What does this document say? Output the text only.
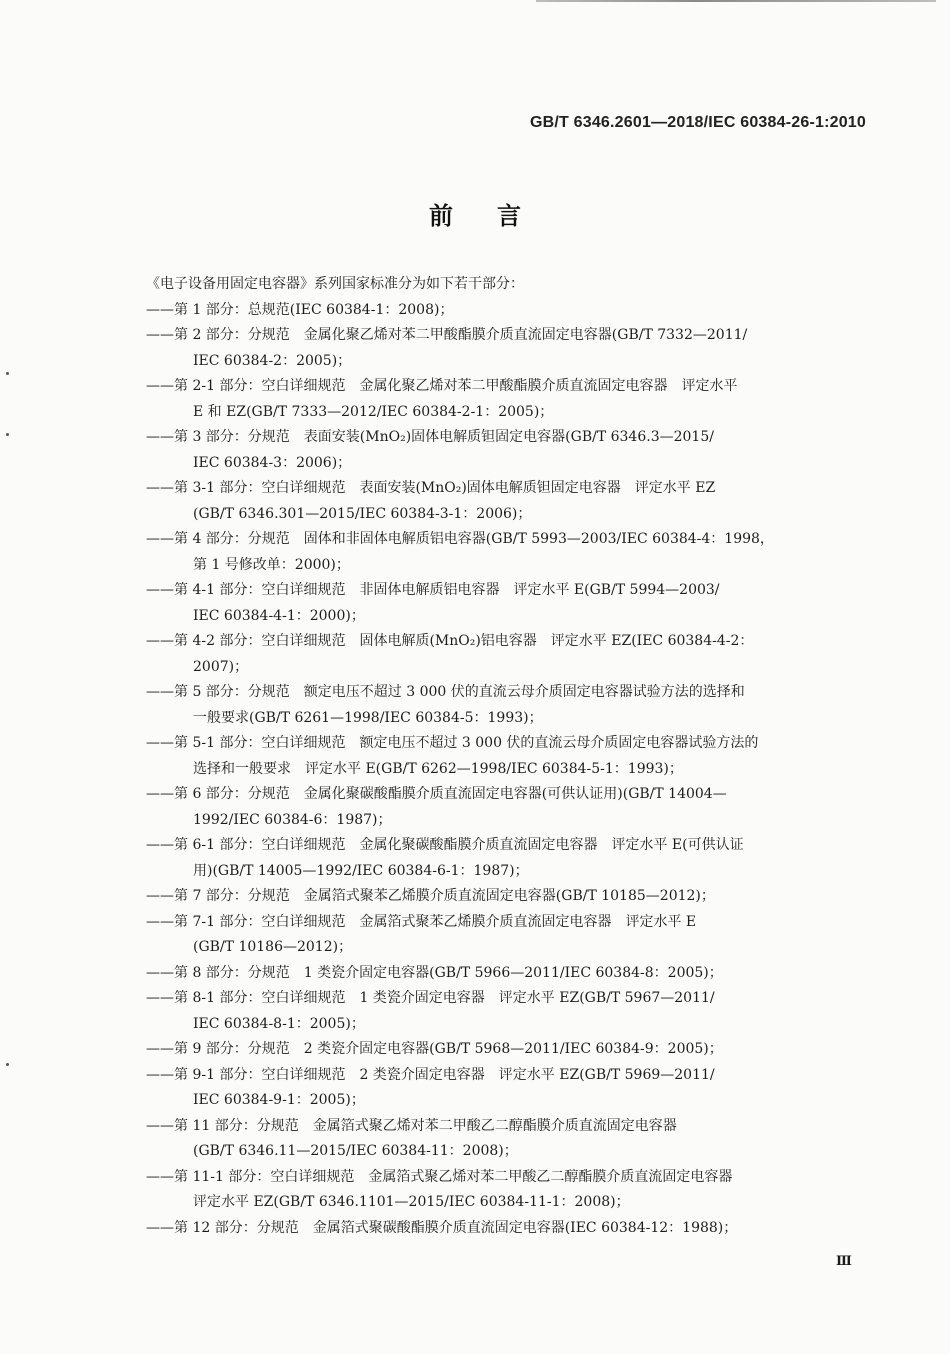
GB/T 6346.2601—2018/IEC 60384-26-1:2010
前言
《电子设备用固定电容器》系列国家标准分为如下若干部分：
——第 1 部分：总规范(IEC 60384-1：2008)；
——第 2 部分：分规范　金属化聚乙烯对苯二甲酸酯膜介质直流固定电容器(GB/T 7332—2011/
IEC 60384-2：2005)；
——第 2-1 部分：空白详细规范　金属化聚乙烯对苯二甲酸酯膜介质直流固定电容器　评定水平
E 和 EZ(GB/T 7333—2012/IEC 60384-2-1：2005)；
——第 3 部分：分规范　表面安装(MnO₂)固体电解质钽固定电容器(GB/T 6346.3—2015/
IEC 60384-3：2006)；
——第 3-1 部分：空白详细规范　表面安装(MnO₂)固体电解质钽固定电容器　评定水平 EZ
(GB/T 6346.301—2015/IEC 60384-3-1：2006)；
——第 4 部分：分规范　固体和非固体电解质铝电容器(GB/T 5993—2003/IEC 60384-4：1998，
第 1 号修改单：2000)；
——第 4-1 部分：空白详细规范　非固体电解质铝电容器　评定水平 E(GB/T 5994—2003/
IEC 60384-4-1：2000)；
——第 4-2 部分：空白详细规范　固体电解质(MnO₂)铝电容器　评定水平 EZ(IEC 60384-4-2：
2007)；
——第 5 部分：分规范　额定电压不超过 3 000 伏的直流云母介质固定电容器试验方法的选择和
一般要求(GB/T 6261—1998/IEC 60384-5：1993)；
——第 5-1 部分：空白详细规范　额定电压不超过 3 000 伏的直流云母介质固定电容器试验方法的
选择和一般要求　评定水平 E(GB/T 6262—1998/IEC 60384-5-1：1993)；
——第 6 部分：分规范　金属化聚碳酸酯膜介质直流固定电容器(可供认证用)(GB/T 14004—
1992/IEC 60384-6：1987)；
——第 6-1 部分：空白详细规范　金属化聚碳酸酯膜介质直流固定电容器　评定水平 E(可供认证
用)(GB/T 14005—1992/IEC 60384-6-1：1987)；
——第 7 部分：分规范　金属箔式聚苯乙烯膜介质直流固定电容器(GB/T 10185—2012)；
——第 7-1 部分：空白详细规范　金属箔式聚苯乙烯膜介质直流固定电容器　评定水平 E
(GB/T 10186—2012)；
——第 8 部分：分规范　1 类瓷介固定电容器(GB/T 5966—2011/IEC 60384-8：2005)；
——第 8-1 部分：空白详细规范　1 类瓷介固定电容器　评定水平 EZ(GB/T 5967—2011/
IEC 60384-8-1：2005)；
——第 9 部分：分规范　2 类瓷介固定电容器(GB/T 5968—2011/IEC 60384-9：2005)；
——第 9-1 部分：空白详细规范　2 类瓷介固定电容器　评定水平 EZ(GB/T 5969—2011/
IEC 60384-9-1：2005)；
——第 11 部分：分规范　金属箔式聚乙烯对苯二甲酸乙二醇酯膜介质直流固定电容器
(GB/T 6346.11—2015/IEC 60384-11：2008)；
——第 11-1 部分：空白详细规范　金属箔式聚乙烯对苯二甲酸乙二醇酯膜介质直流固定电容器
评定水平 EZ(GB/T 6346.1101—2015/IEC 60384-11-1：2008)；
——第 12 部分：分规范　金属箔式聚碳酸酯膜介质直流固定电容器(IEC 60384-12：1988)；
Ⅲ
